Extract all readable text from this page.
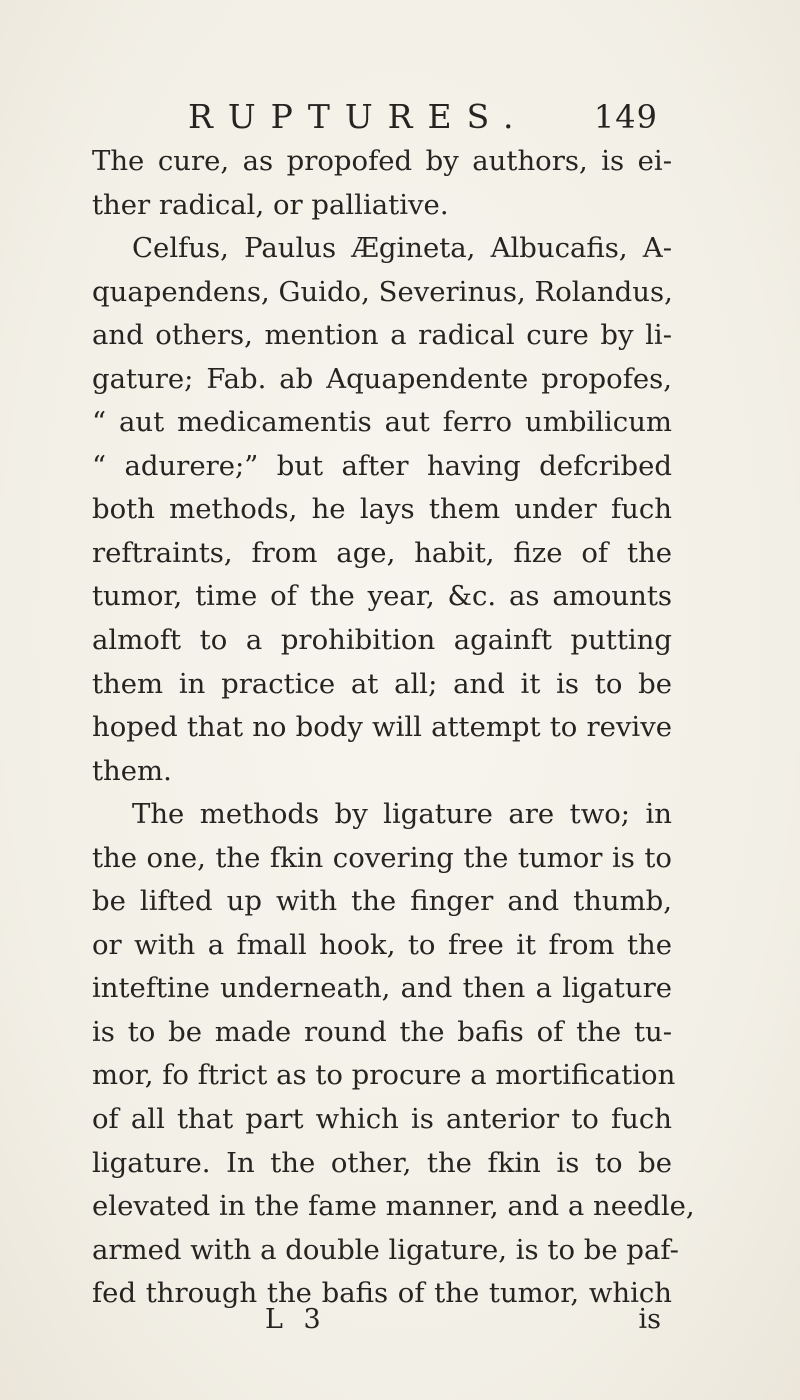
RUPTURES. 149
The cure, as propofed by authors, is ei-
ther radical, or palliative.
Celfus, Paulus Ægineta, Albucafis, A-
quapendens, Guido, Severinus, Rolandus,
and others, mention a radical cure by li-
gature; Fab. ab Aquapendente propofes,
“ aut medicamentis aut ferro umbilicum
“ adurere;” but after having defcribed
both methods, he lays them under fuch
reftraints, from age, habit, fize of the
tumor, time of the year, &c. as amounts
almoft to a prohibition againft putting
them in practice at all; and it is to be
hoped that no body will attempt to revive
them.
The methods by ligature are two; in
the one, the fkin covering the tumor is to
be lifted up with the finger and thumb,
or with a fmall hook, to free it from the
inteftine underneath, and then a ligature
is to be made round the bafis of the tu-
mor, fo ftrict as to procure a mortification
of all that part which is anterior to fuch
ligature. In the other, the fkin is to be
elevated in the fame manner, and a needle,
armed with a double ligature, is to be paf-
fed through the bafis of the tumor, which
L 3	is
